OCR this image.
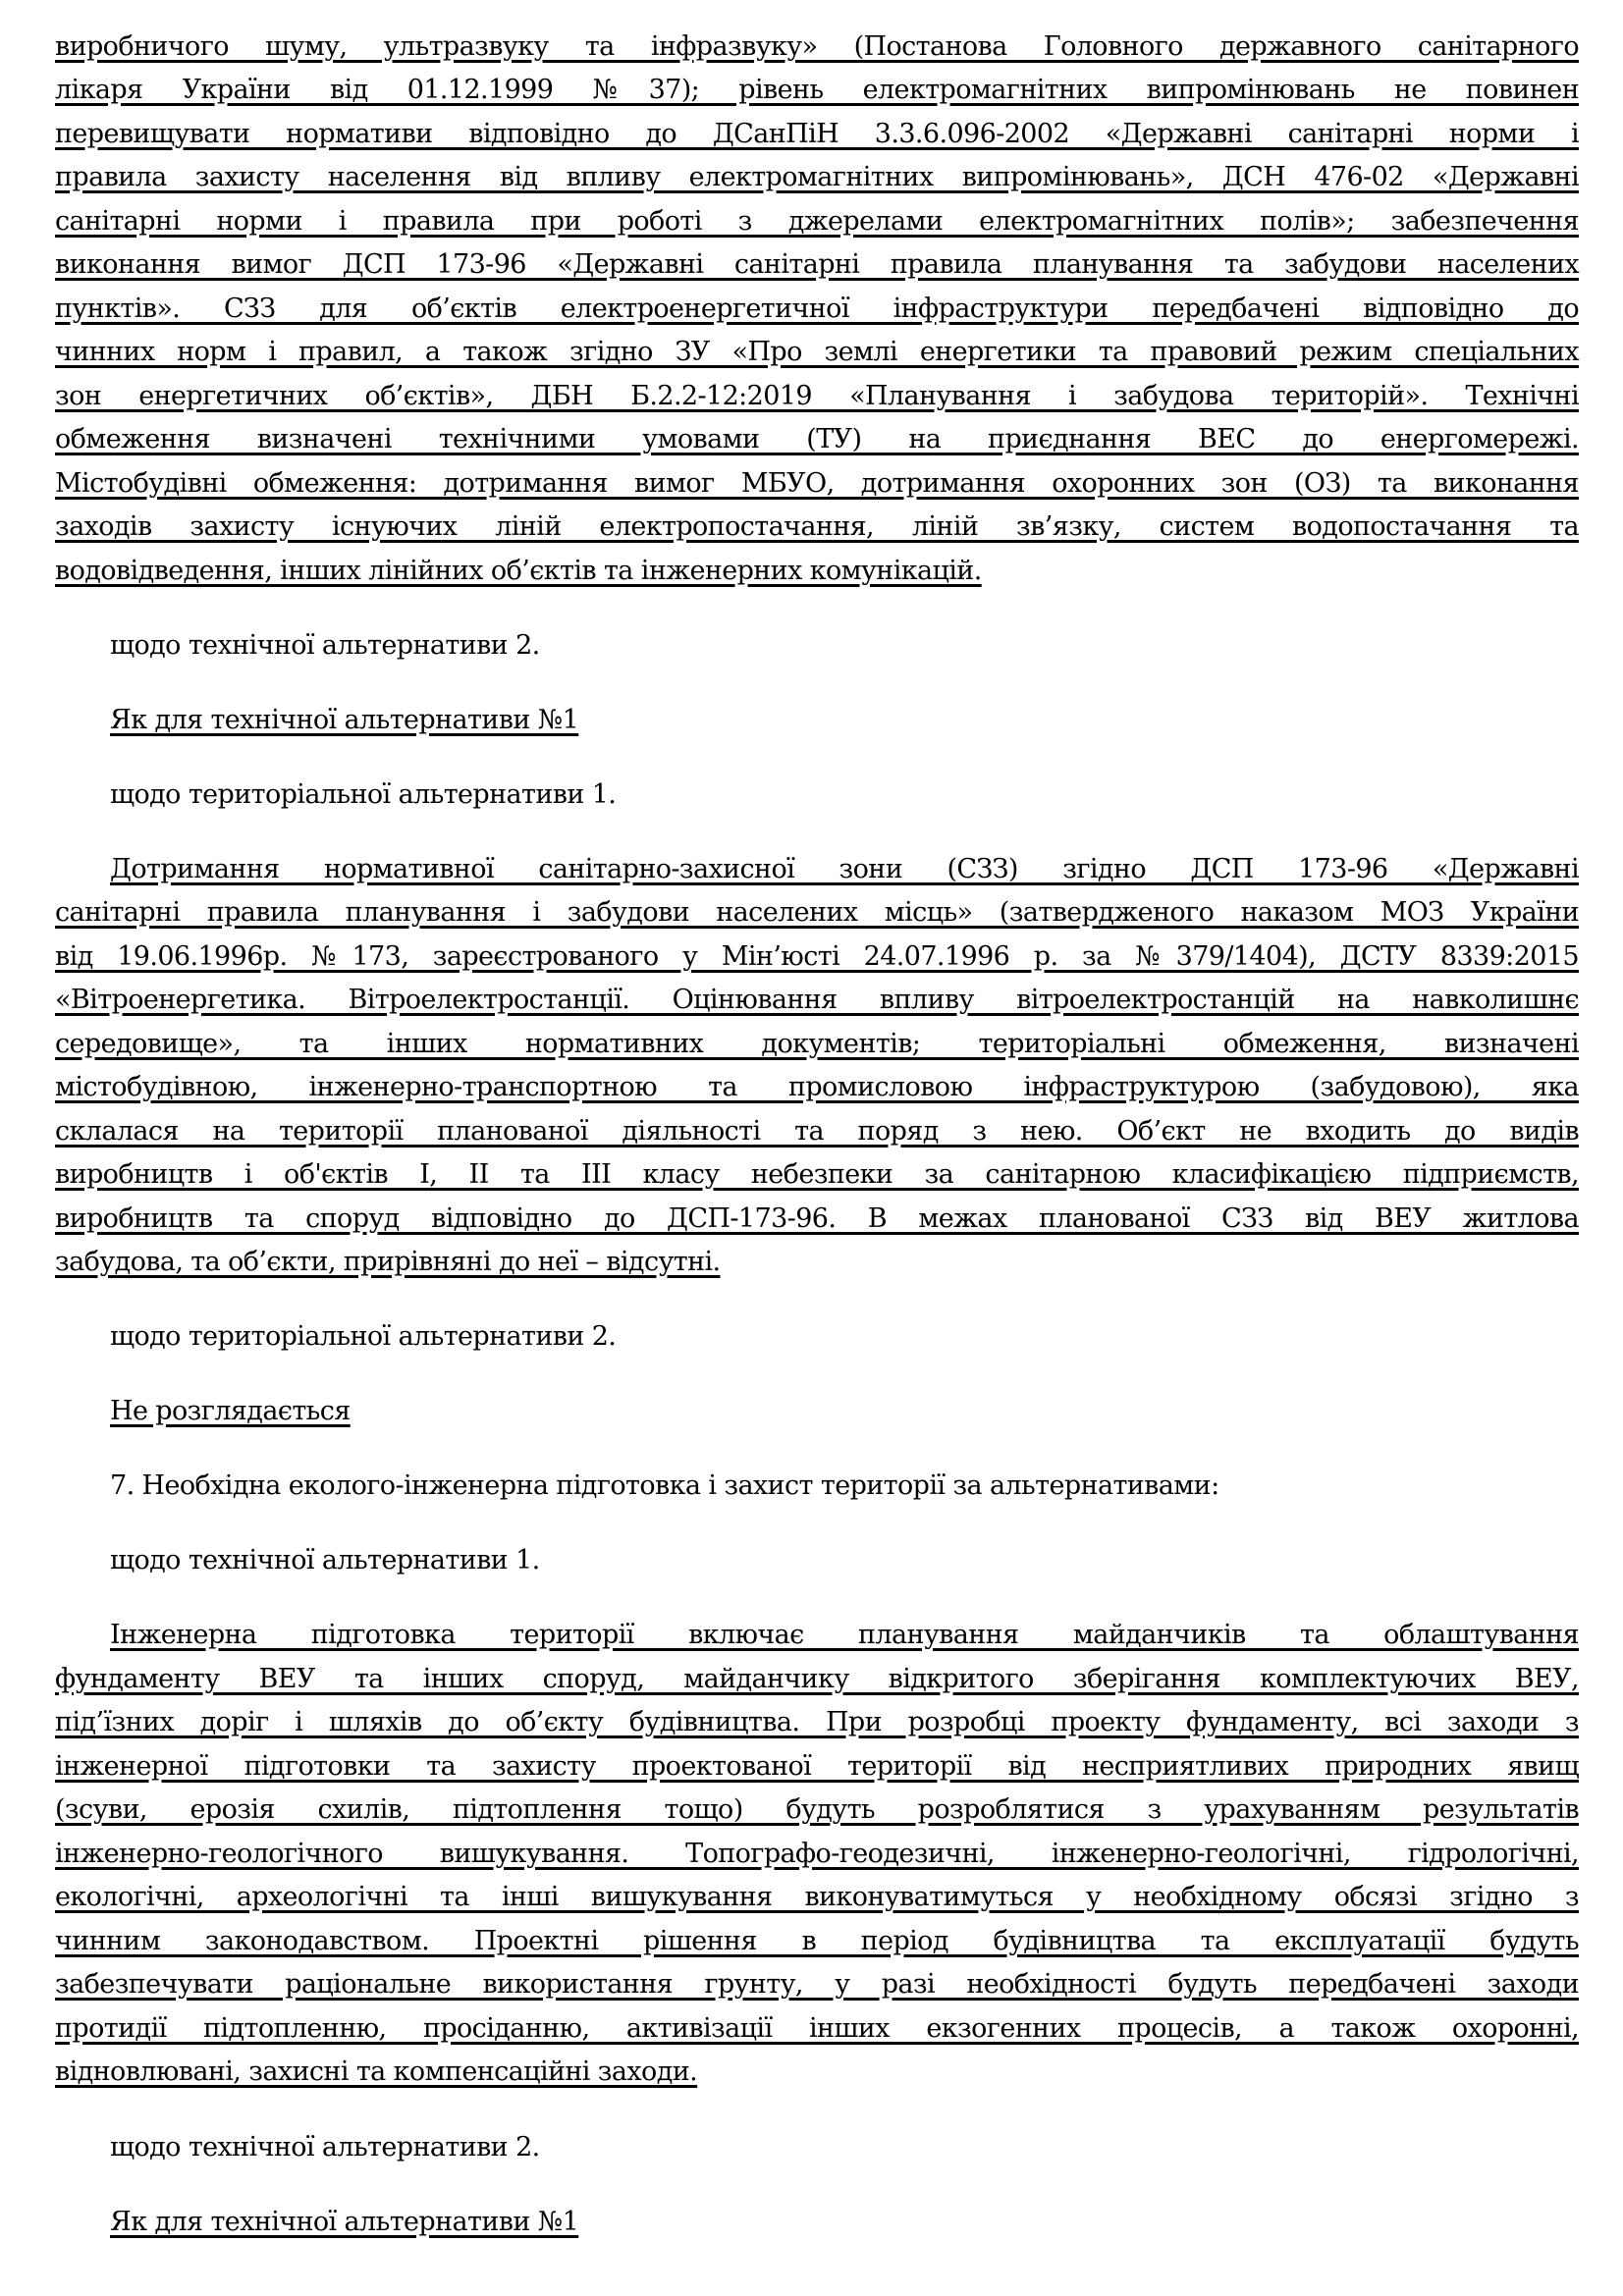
виробничого шуму, ультразвуку та інфразвуку» (Постанова Головного державного санітарного
лікаря України від 01.12.1999 №37); рівень електромагнітних випромінювань не повинен
перевищувати нормативи відповідно до ДСанПіН 3.3.6.096-2002 «Державні санітарні норми і
правила захисту населення від впливу електромагнітних випромінювань», ДСН 476-02 «Державні
санітарні норми і правила при роботі з джерелами електромагнітних полів»; забезпечення
виконання вимог ДСП 173-96 «Державні санітарні правила планування та забудови населених
пунктів». СЗЗ для об’єктів електроенергетичної інфраструктури передбачені відповідно до
чинних норм і правил, а також згідно ЗУ «Про землі енергетики та правовий режим спеціальних
зон енергетичних об’єктів», ДБН Б.2.2-12:2019 «Планування і забудова територій». Технічні
обмеження визначені технічними умовами (ТУ) на приєднання ВЕС до енергомережі.
Містобудівні обмеження: дотримання вимог МБУО, дотримання охоронних зон (ОЗ) та виконання
заходів захисту існуючих ліній електропостачання, ліній зв’язку, систем водопостачання та
водовідведення, інших лінійних об’єктів та інженерних комунікацій.
щодо технічної альтернативи 2.
Як для технічної альтернативи №1
щодо територіальної альтернативи 1.
Дотримання нормативної санітарно-захисної зони (СЗЗ) згідно ДСП 173-96 «Державні
санітарні правила планування і забудови населених місць» (затвердженого наказом МОЗ України
від 19.06.1996р. №173, зареєстрованого у Мін’юсті 24.07.1996 р. за №379/1404), ДСТУ 8339:2015
«Вітроенергетика. Вітроелектростанції. Оцінювання впливу вітроелектростанцій на навколишнє
середовище», та інших нормативних документів; територіальні обмеження, визначені
містобудівною, інженерно-транспортною та промисловою інфраструктурою (забудовою), яка
склалася на території планованої діяльності та поряд з нею. Об’єкт не входить до видів
виробництв і об'єктів I, II та III класу небезпеки за санітарною класифікацією підприємств,
виробництв та споруд відповідно до ДСП-173-96. В межах планованої СЗЗ від ВЕУ житлова
забудова, та об’єкти, прирівняні до неї – відсутні.
щодо територіальної альтернативи 2.
Не розглядається
7. Необхідна еколого-інженерна підготовка і захист території за альтернативами:
щодо технічної альтернативи 1.
Інженерна підготовка території включає планування майданчиків та облаштування
фундаменту ВЕУ та інших споруд, майданчику відкритого зберігання комплектуючих ВЕУ,
під’їзних доріг і шляхів до об’єкту будівництва. При розробці проекту фундаменту, всі заходи з
інженерної підготовки та захисту проектованої території від несприятливих природних явищ
(зсуви, ерозія схилів, підтоплення тощо) будуть розроблятися з урахуванням результатів
інженерно-геологічного вишукування. Топографо-геодезичні, інженерно-геологічні, гідрологічні,
екологічні, археологічні та інші вишукування виконуватимуться у необхідному обсязі згідно з
чинним законодавством. Проектні рішення в період будівництва та експлуатації будуть
забезпечувати раціональне використання грунту, у разі необхідності будуть передбачені заходи
протидії підтопленню, просіданню, активізації інших екзогенних процесів, а також охоронні,
відновлювані, захисні та компенсаційні заходи.
щодо технічної альтернативи 2.
Як для технічної альтернативи №1
